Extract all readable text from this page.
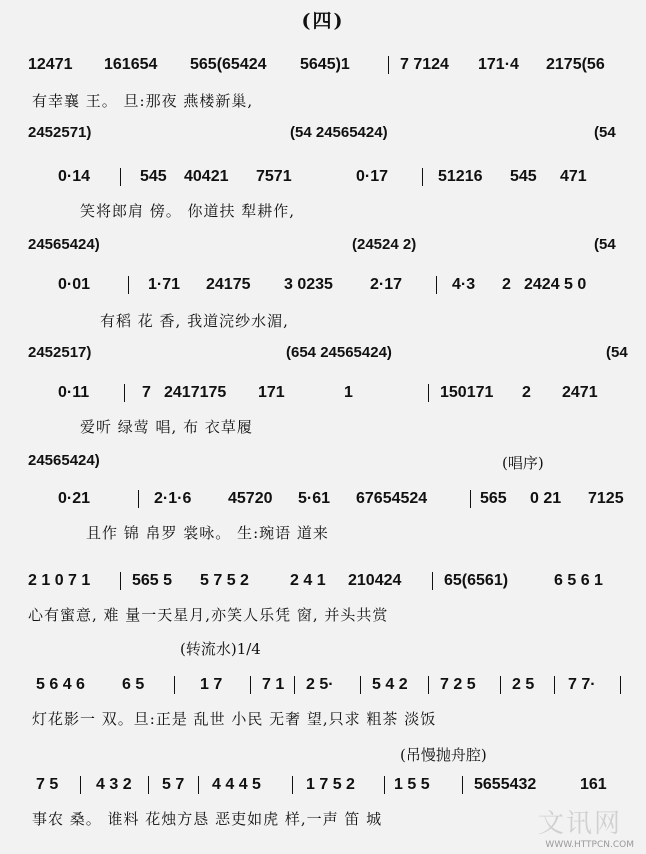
(四)
12471 161654 565(65424 5645)1	7 7124 171·4 2175(56
有幸襄 王。 旦:那夜 燕楼新巢,
2452571)	(54 24565424)	(54
0·14	545 40421 7571	0·17	51216 545 471
笑将郎肩 傍。 你道扶 犁耕作,
24565424)	(24524 2)	(54
0·01	1·71 24175 3 0235 2·17	4·3 2 2424 5 0
有稻 花 香, 我道浣纱水湄,
2452517)	(654 24565424)	(54
0·11	7 2417175 171	1	150171 2 2471
爱听 绿莺 唱, 布 衣草履
24565424)	(唱序)
0·21	2·1·6 45720 5·61 67654524	565 0 21 7125
且作 锦 帛罗 裳咏。 生:琬语 道来
2 1 0 7 1	565 5 5 7 5 2	2 4 1 210424	65(6561)	6 5 6 1
心有蜜意, 难 量一天星月,亦笑人乐凭 窗, 并头共赏
(转流水)1/4
5 6 4 6 6 5	1 7 7 1 2 5· 5 4 2 7 2 5 2 5 7 7·
灯花影一 双。旦:正是 乱世 小民 无奢 望,只求 粗茶 淡饭
(吊慢抛舟腔)
7 5 4 3 2 5 7 4 4 4 5	1 7 5 2 1 5 5	5655432	161
事农 桑。 谁料 花烛方恳 恶吏如虎 样,一声 笛 城	文讯网
WWW.HTTPCN.COM
